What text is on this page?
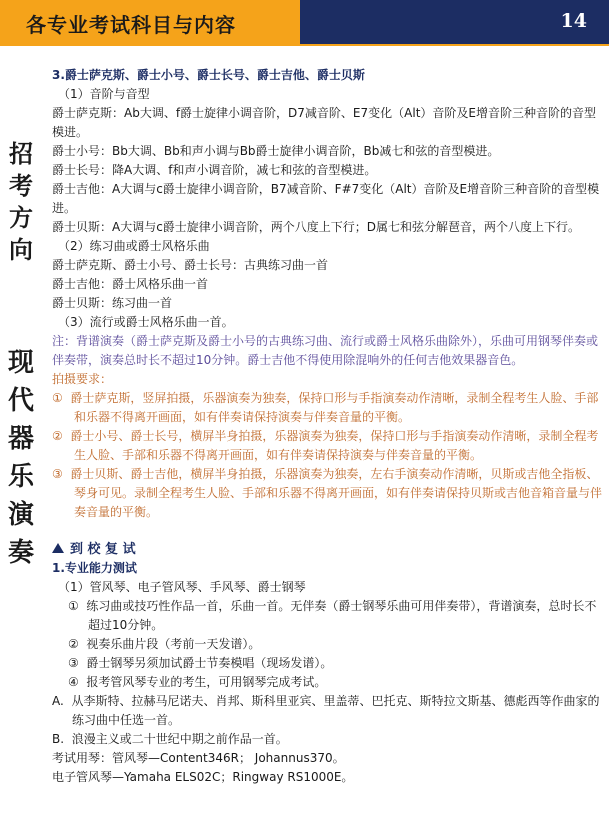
各专业考试科目与内容	14
招
考
方
向
现
代
器
乐
演
奏
3.爵士萨克斯、爵士小号、爵士长号、爵士吉他、爵士贝斯
（1）音阶与音型
爵士萨克斯：Ab大调、f爵士旋律小调音阶，D7减音阶、E7变化（Alt）音阶及E增音阶三种音阶的音型模进。
爵士小号：Bb大调、Bb和声小调与Bb爵士旋律小调音阶，Bb减七和弦的音型模进。
爵士长号：降A大调、f和声小调音阶，减七和弦的音型模进。
爵士吉他：A大调与c爵士旋律小调音阶，B7减音阶、F#7变化（Alt）音阶及E增音阶三种音阶的音型模进。
爵士贝斯：A大调与c爵士旋律小调音阶，两个八度上下行；D属七和弦分解琶音，两个八度上下行。
（2）练习曲或爵士风格乐曲
爵士萨克斯、爵士小号、爵士长号：古典练习曲一首
爵士吉他：爵士风格乐曲一首
爵士贝斯：练习曲一首
（3）流行或爵士风格乐曲一首。
注：背谱演奏（爵士萨克斯及爵士小号的古典练习曲、流行或爵士风格乐曲除外），乐曲可用钢琴伴奏或伴奏带，演奏总时长不超过10分钟。爵士吉他不得使用除混响外的任何吉他效果器音色。
拍摄要求：
① 爵士萨克斯，竖屏拍摄，乐器演奏为独奏，保持口形与手指演奏动作清晰，录制全程考生人脸、手部和乐器不得离开画面，如有伴奏请保持演奏与伴奏音量的平衡。
② 爵士小号、爵士长号，横屏半身拍摄，乐器演奏为独奏，保持口形与手指演奏动作清晰，录制全程考生人脸、手部和乐器不得离开画面，如有伴奏请保持演奏与伴奏音量的平衡。
③ 爵士贝斯、爵士吉他，横屏半身拍摄，乐器演奏为独奏，左右手演奏动作清晰，贝斯或吉他全指板、琴身可见。录制全程考生人脸、手部和乐器不得离开画面，如有伴奏请保持贝斯或吉他音箱音量与伴奏音量的平衡。
到 校 复 试
1.专业能力测试
（1）管风琴、电子管风琴、手风琴、爵士钢琴
① 练习曲或技巧性作品一首，乐曲一首。无伴奏（爵士钢琴乐曲可用伴奏带），背谱演奏，总时长不超过10分钟。
② 视奏乐曲片段（考前一天发谱）。
③ 爵士钢琴另须加试爵士节奏模唱（现场发谱）。
④ 报考管风琴专业的考生，可用钢琴完成考试。
A. 从李斯特、拉赫马尼诺夫、肖邦、斯科里亚宾、里盖蒂、巴托克、斯特拉文斯基、德彪西等作曲家的练习曲中任选一首。
B. 浪漫主义或二十世纪中期之前作品一首。
考试用琴：管风琴—Content346R； Johannus370。
电子管风琴—Yamaha ELS02C；Ringway RS1000E。
